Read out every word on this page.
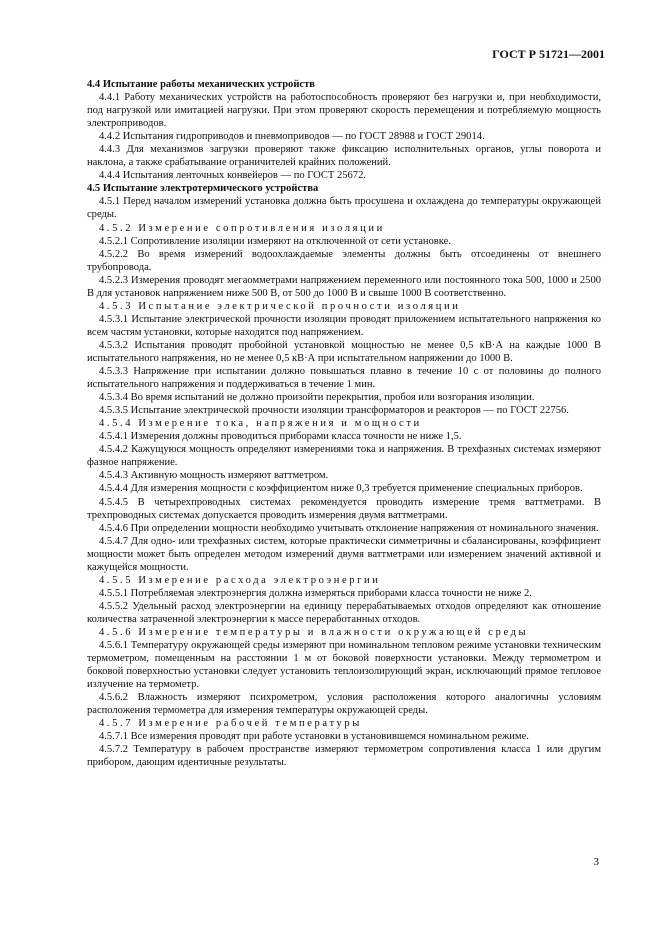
ГОСТ Р 51721—2001

4.4 Испытание работы механических устройств

4.4.1 Работу механических устройств на работоспособность проверяют без нагрузки и, при необходимости, под нагрузкой или имитацией нагрузки. При этом проверяют скорость перемещения и потребляемую мощность электроприводов.

4.4.2 Испытания гидроприводов и пневмоприводов — по ГОСТ 28988 и ГОСТ 29014.

4.4.3 Для механизмов загрузки проверяют также фиксацию исполнительных органов, углы поворота и наклона, а также срабатывание ограничителей крайних положений.

4.4.4 Испытания ленточных конвейеров — по ГОСТ 25672.

4.5 Испытание электротермического устройства

4.5.1 Перед началом измерений установка должна быть просушена и охлаждена до температуры окружающей среды.

4.5.2 Измерение сопротивления изоляции

4.5.2.1 Сопротивление изоляции измеряют на отключенной от сети установке.

4.5.2.2 Во время измерений водоохлаждаемые элементы должны быть отсоединены от внешнего трубопровода.

4.5.2.3 Измерения проводят мегаомметрами напряжением переменного или постоянного тока 500, 1000 и 2500 В для установок напряжением ниже 500 В, от 500 до 1000 В и свыше 1000 В соответственно.

4.5.3 Испытание электрической прочности изоляции

4.5.3.1 Испытание электрической прочности изоляции проводят приложением испытательного напряжения ко всем частям установки, которые находятся под напряжением.

4.5.3.2 Испытания проводят пробойной установкой мощностью не менее 0,5 кВ·А на каждые 1000 В испытательного напряжения, но не менее 0,5 кВ·А при испытательном напряжении до 1000 В.

4.5.3.3 Напряжение при испытании должно повышаться плавно в течение 10 с от половины до полного испытательного напряжения и поддерживаться в течение 1 мин.

4.5.3.4 Во время испытаний не должно произойти перекрытия, пробоя или возгорания изоляции.

4.5.3.5 Испытание электрической прочности изоляции трансформаторов и реакторов — по ГОСТ 22756.

4.5.4 Измерение тока, напряжения и мощности

4.5.4.1 Измерения должны проводиться приборами класса точности не ниже 1,5.

4.5.4.2 Кажущуюся мощность определяют измерениями тока и напряжения. В трехфазных системах измеряют фазное напряжение.

4.5.4.3 Активную мощность измеряют ваттметром.

4.5.4.4 Для измерения мощности с коэффициентом ниже 0,3 требуется применение специальных приборов.

4.5.4.5 В четырехпроводных системах рекомендуется проводить измерение тремя ваттметрами. В трехпроводных системах допускается проводить измерения двумя ваттметрами.

4.5.4.6 При определении мощности необходимо учитывать отклонение напряжения от номинального значения.

4.5.4.7 Для одно- или трехфазных систем, которые практически симметричны и сбалансированы, коэффициент мощности может быть определен методом измерений двумя ваттметрами или измерением значений активной и кажущейся мощности.

4.5.5 Измерение расхода электроэнергии

4.5.5.1 Потребляемая электроэнергия должна измеряться приборами класса точности не ниже 2.

4.5.5.2 Удельный расход электроэнергии на единицу перерабатываемых отходов определяют как отношение количества затраченной электроэнергии к массе переработанных отходов.

4.5.6 Измерение температуры и влажности окружающей среды

4.5.6.1 Температуру окружающей среды измеряют при номинальном тепловом режиме установки техническим термометром, помещенным на расстоянии 1 м от боковой поверхности установки. Между термометром и боковой поверхностью установки следует установить теплоизолирующий экран, исключающий прямое тепловое излучение на термометр.

4.5.6.2 Влажность измеряют психрометром, условия расположения которого аналогичны условиям расположения термометра для измерения температуры окружающей среды.

4.5.7 Измерение рабочей температуры

4.5.7.1 Все измерения проводят при работе установки в установившемся номинальном режиме.

4.5.7.2 Температуру в рабочем пространстве измеряют термометром сопротивления класса 1 или другим прибором, дающим идентичные результаты.

3
